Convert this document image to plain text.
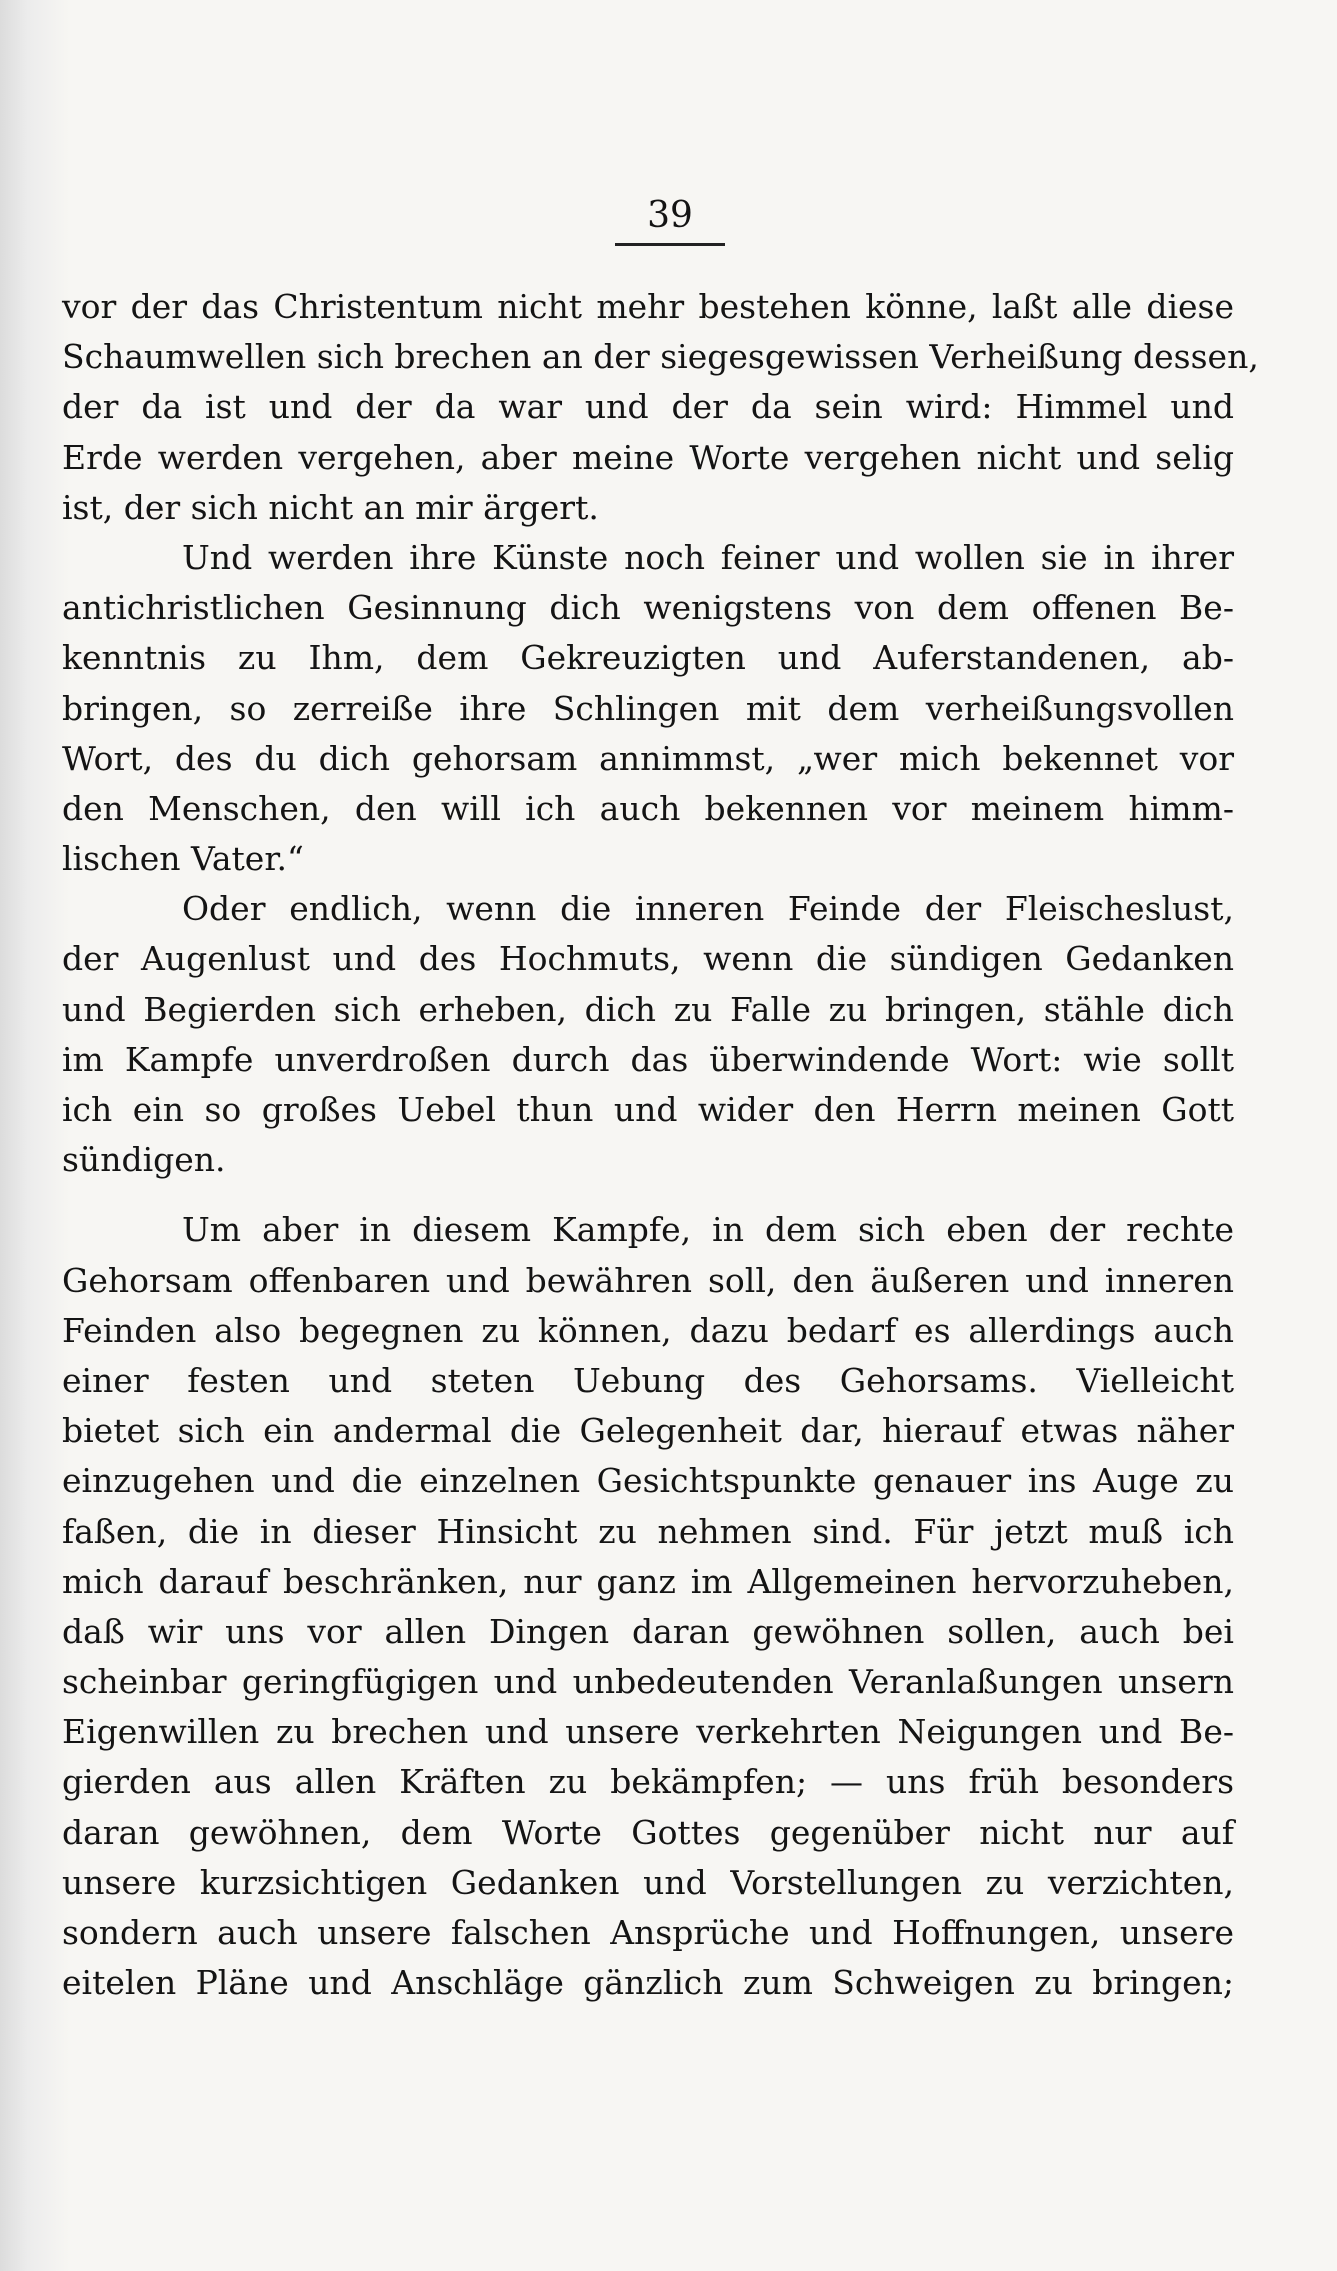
39
vor der das Christentum nicht mehr bestehen könne, laßt alle diese
Schaumwellen sich brechen an der siegesgewissen Verheißung dessen,
der da ist und der da war und der da sein wird: Himmel und
Erde werden vergehen, aber meine Worte vergehen nicht und selig
ist, der sich nicht an mir ärgert.
Und werden ihre Künste noch feiner und wollen sie in ihrer
antichristlichen Gesinnung dich wenigstens von dem offenen Be-
kenntnis zu Ihm, dem Gekreuzigten und Auferstandenen, ab-
bringen, so zerreiße ihre Schlingen mit dem verheißungsvollen
Wort, des du dich gehorsam annimmst, „wer mich bekennet vor
den Menschen, den will ich auch bekennen vor meinem himm-
lischen Vater.“
Oder endlich, wenn die inneren Feinde der Fleischeslust,
der Augenlust und des Hochmuts, wenn die sündigen Gedanken
und Begierden sich erheben, dich zu Falle zu bringen, stähle dich
im Kampfe unverdroßen durch das überwindende Wort: wie sollt
ich ein so großes Uebel thun und wider den Herrn meinen Gott
sündigen.
Um aber in diesem Kampfe, in dem sich eben der rechte
Gehorsam offenbaren und bewähren soll, den äußeren und inneren
Feinden also begegnen zu können, dazu bedarf es allerdings auch
einer festen und steten Uebung des Gehorsams. Vielleicht
bietet sich ein andermal die Gelegenheit dar, hierauf etwas näher
einzugehen und die einzelnen Gesichtspunkte genauer ins Auge zu
faßen, die in dieser Hinsicht zu nehmen sind. Für jetzt muß ich
mich darauf beschränken, nur ganz im Allgemeinen hervorzuheben,
daß wir uns vor allen Dingen daran gewöhnen sollen, auch bei
scheinbar geringfügigen und unbedeutenden Veranlaßungen unsern
Eigenwillen zu brechen und unsere verkehrten Neigungen und Be-
gierden aus allen Kräften zu bekämpfen; — uns früh besonders
daran gewöhnen, dem Worte Gottes gegenüber nicht nur auf
unsere kurzsichtigen Gedanken und Vorstellungen zu verzichten,
sondern auch unsere falschen Ansprüche und Hoffnungen, unsere
eitelen Pläne und Anschläge gänzlich zum Schweigen zu bringen;
